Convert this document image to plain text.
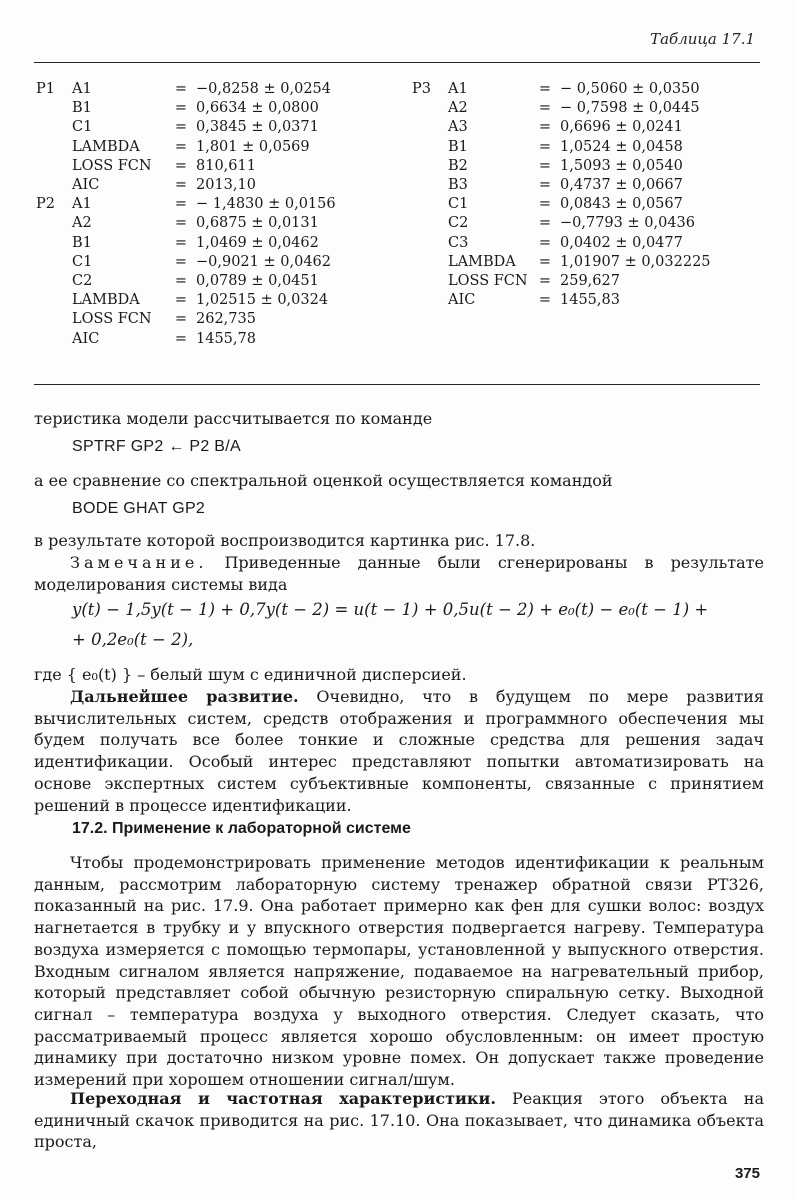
Таблица 17.1
P1 A1	= −0,8258 ± 0,0254
B1	= 0,6634 ± 0,0800
C1	= 0,3845 ± 0,0371
LAMBDA = 1,801 ± 0,0569
LOSS FCN = 810,611
AIC	= 2013,10
P2 A1	= − 1,4830 ± 0,0156
A2	= 0,6875 ± 0,0131
B1	= 1,0469 ± 0,0462
C1	= −0,9021 ± 0,0462
C2	= 0,0789 ± 0,0451
LAMBDA = 1,02515 ± 0,0324
LOSS FCN = 262,735
AIC	= 1455,78
P3 A1	= − 0,5060 ± 0,0350
A2	= − 0,7598 ± 0,0445
A3	= 0,6696 ± 0,0241
B1	= 1,0524 ± 0,0458
B2	= 1,5093 ± 0,0540
B3	= 0,4737 ± 0,0667
C1	= 0,0843 ± 0,0567
C2	= −0,7793 ± 0,0436
C3	= 0,0402 ± 0,0477
LAMBDA = 1,01907 ± 0,032225
LOSS FCN = 259,627
AIC	= 1455,83
теристика модели рассчитывается по команде
SPTRF GP2 ← P2 B/A
а ее сравнение со спектральной оценкой осуществляется командой
BODE GHAT GP2
в результате которой воспроизводится картинка рис. 17.8.

Замечание. Приведенные данные были сгенерированы в результате моделирования системы вида

y(t) − 1,5y(t − 1) + 0,7y(t − 2) = u(t − 1) + 0,5u(t − 2) + e₀(t) − e₀(t − 1) +
+ 0,2e₀(t − 2),
где { e₀(t) } – белый шум с единичной дисперсией.

Дальнейшее развитие. Очевидно, что в будущем по мере развития вычислительных систем, средств отображения и программного обеспечения мы будем получать все более тонкие и сложные средства для решения задач идентификации. Особый интерес представляют попытки автоматизировать на основе экспертных систем субъективные компоненты, связанные с принятием решений в процессе идентификации.

17.2. Применение к лабораторной системе

Чтобы продемонстрировать применение методов идентификации к реальным данным, рассмотрим лабораторную систему тренажер обратной связи PT326, показанный на рис. 17.9. Она работает примерно как фен для сушки волос: воздух нагнетается в трубку и у впускного отверстия подвергается нагреву. Температура воздуха измеряется с помощью термопары, установленной у выпускного отверстия. Входным сигналом является напряжение, подаваемое на нагревательный прибор, который представляет собой обычную резисторную спиральную сетку. Выходной сигнал – температура воздуха у выходного отверстия. Следует сказать, что рассматриваемый процесс является хорошо обусловленным: он имеет простую динамику при достаточно низком уровне помех. Он допускает также проведение измерений при хорошем отношении сигнал/шум.

Переходная и частотная характеристики. Реакция этого объекта на единичный скачок приводится на рис. 17.10. Она показывает, что динамика объекта проста,

375
